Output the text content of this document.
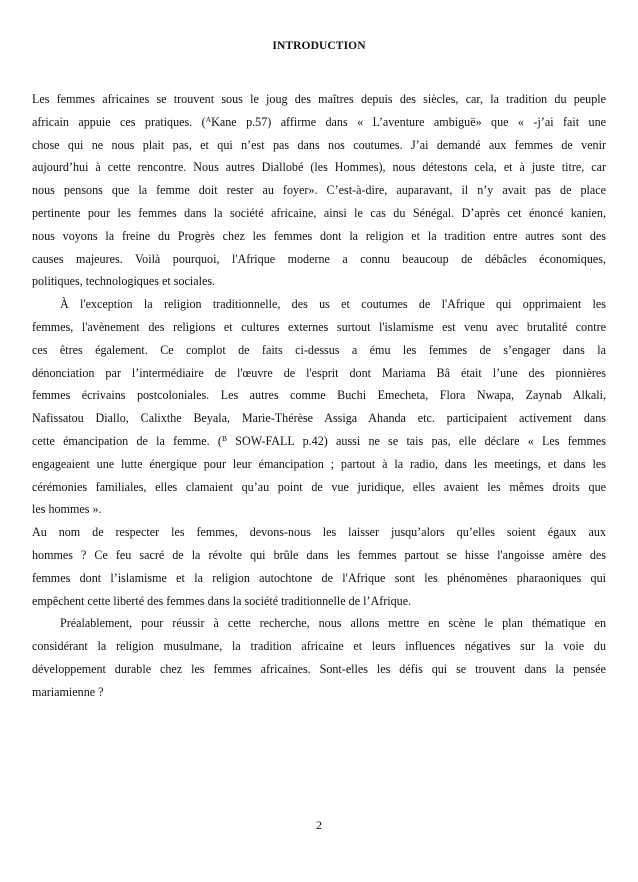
INTRODUCTION
Les femmes africaines se trouvent sous le joug des maîtres depuis des siècles, car, la tradition du peuple
africain appuie ces pratiques. ($^A$Kane p.57) affirme dans « L’aventure ambiguë» que « -j’ai fait une
chose qui ne nous plait pas, et qui n’est pas dans nos coutumes. J’ai demandé aux femmes de venir
aujourd’hui à cette rencontre. Nous autres Diallobé (les Hommes), nous détestons cela, et à juste titre, car
nous pensons que la femme doit rester au foyer». C’est-à-dire, auparavant, il n’y avait pas de place
pertinente pour les femmes dans la société africaine, ainsi le cas du Sénégal. D’après cet énoncé kanien,
nous voyons la freine du Progrès chez les femmes dont la religion et la tradition entre autres sont des
causes majeures. Voilà pourquoi, l'Afrique moderne a connu beaucoup de débâcles économiques,
politiques, technologiques et sociales.
À l'exception la religion traditionnelle, des us et coutumes de l'Afrique qui opprimaient les
femmes, l'avènement des religions et cultures externes surtout l'islamisme est venu avec brutalité contre
ces êtres également. Ce complot de faits ci-dessus a ému les femmes de s’engager dans la
dénonciation par l’intermédiaire de l'œuvre de l'esprit dont Mariama Bâ était l’une des pionnières
femmes écrivains postcoloniales. Les autres comme Buchi Emecheta, Flora Nwapa, Zaynab Alkali,
Nafissatou Diallo, Calixthe Beyala, Marie-Thérèse Assiga Ahanda etc. participaient activement dans
cette émancipation de la femme. ($^B$ SOW-FALL p.42) aussi ne se tais pas, elle déclare « Les femmes
engageaient une lutte énergique pour leur émancipation ; partout à la radio, dans les meetings, et dans les
cérémonies familiales, elles clamaient qu’au point de vue juridique, elles avaient les mêmes droits que
les hommes ».
Au nom de respecter les femmes, devons-nous les laisser jusqu’alors qu’elles soient égaux aux
hommes ? Ce feu sacré de la révolte qui brûle dans les femmes partout se hisse l'angoisse amère des
femmes dont l’islamisme et la religion autochtone de l'Afrique sont les phénomènes pharaoniques qui
empêchent cette liberté des femmes dans la société traditionnelle de l’Afrique.
Préalablement, pour réussir à cette recherche, nous allons mettre en scène le plan thématique en
considérant la religion musulmane, la tradition africaine et leurs influences négatives sur la voie du
développement durable chez les femmes africaines. Sont-elles les défis qui se trouvent dans la pensée
mariamienne ?
2
